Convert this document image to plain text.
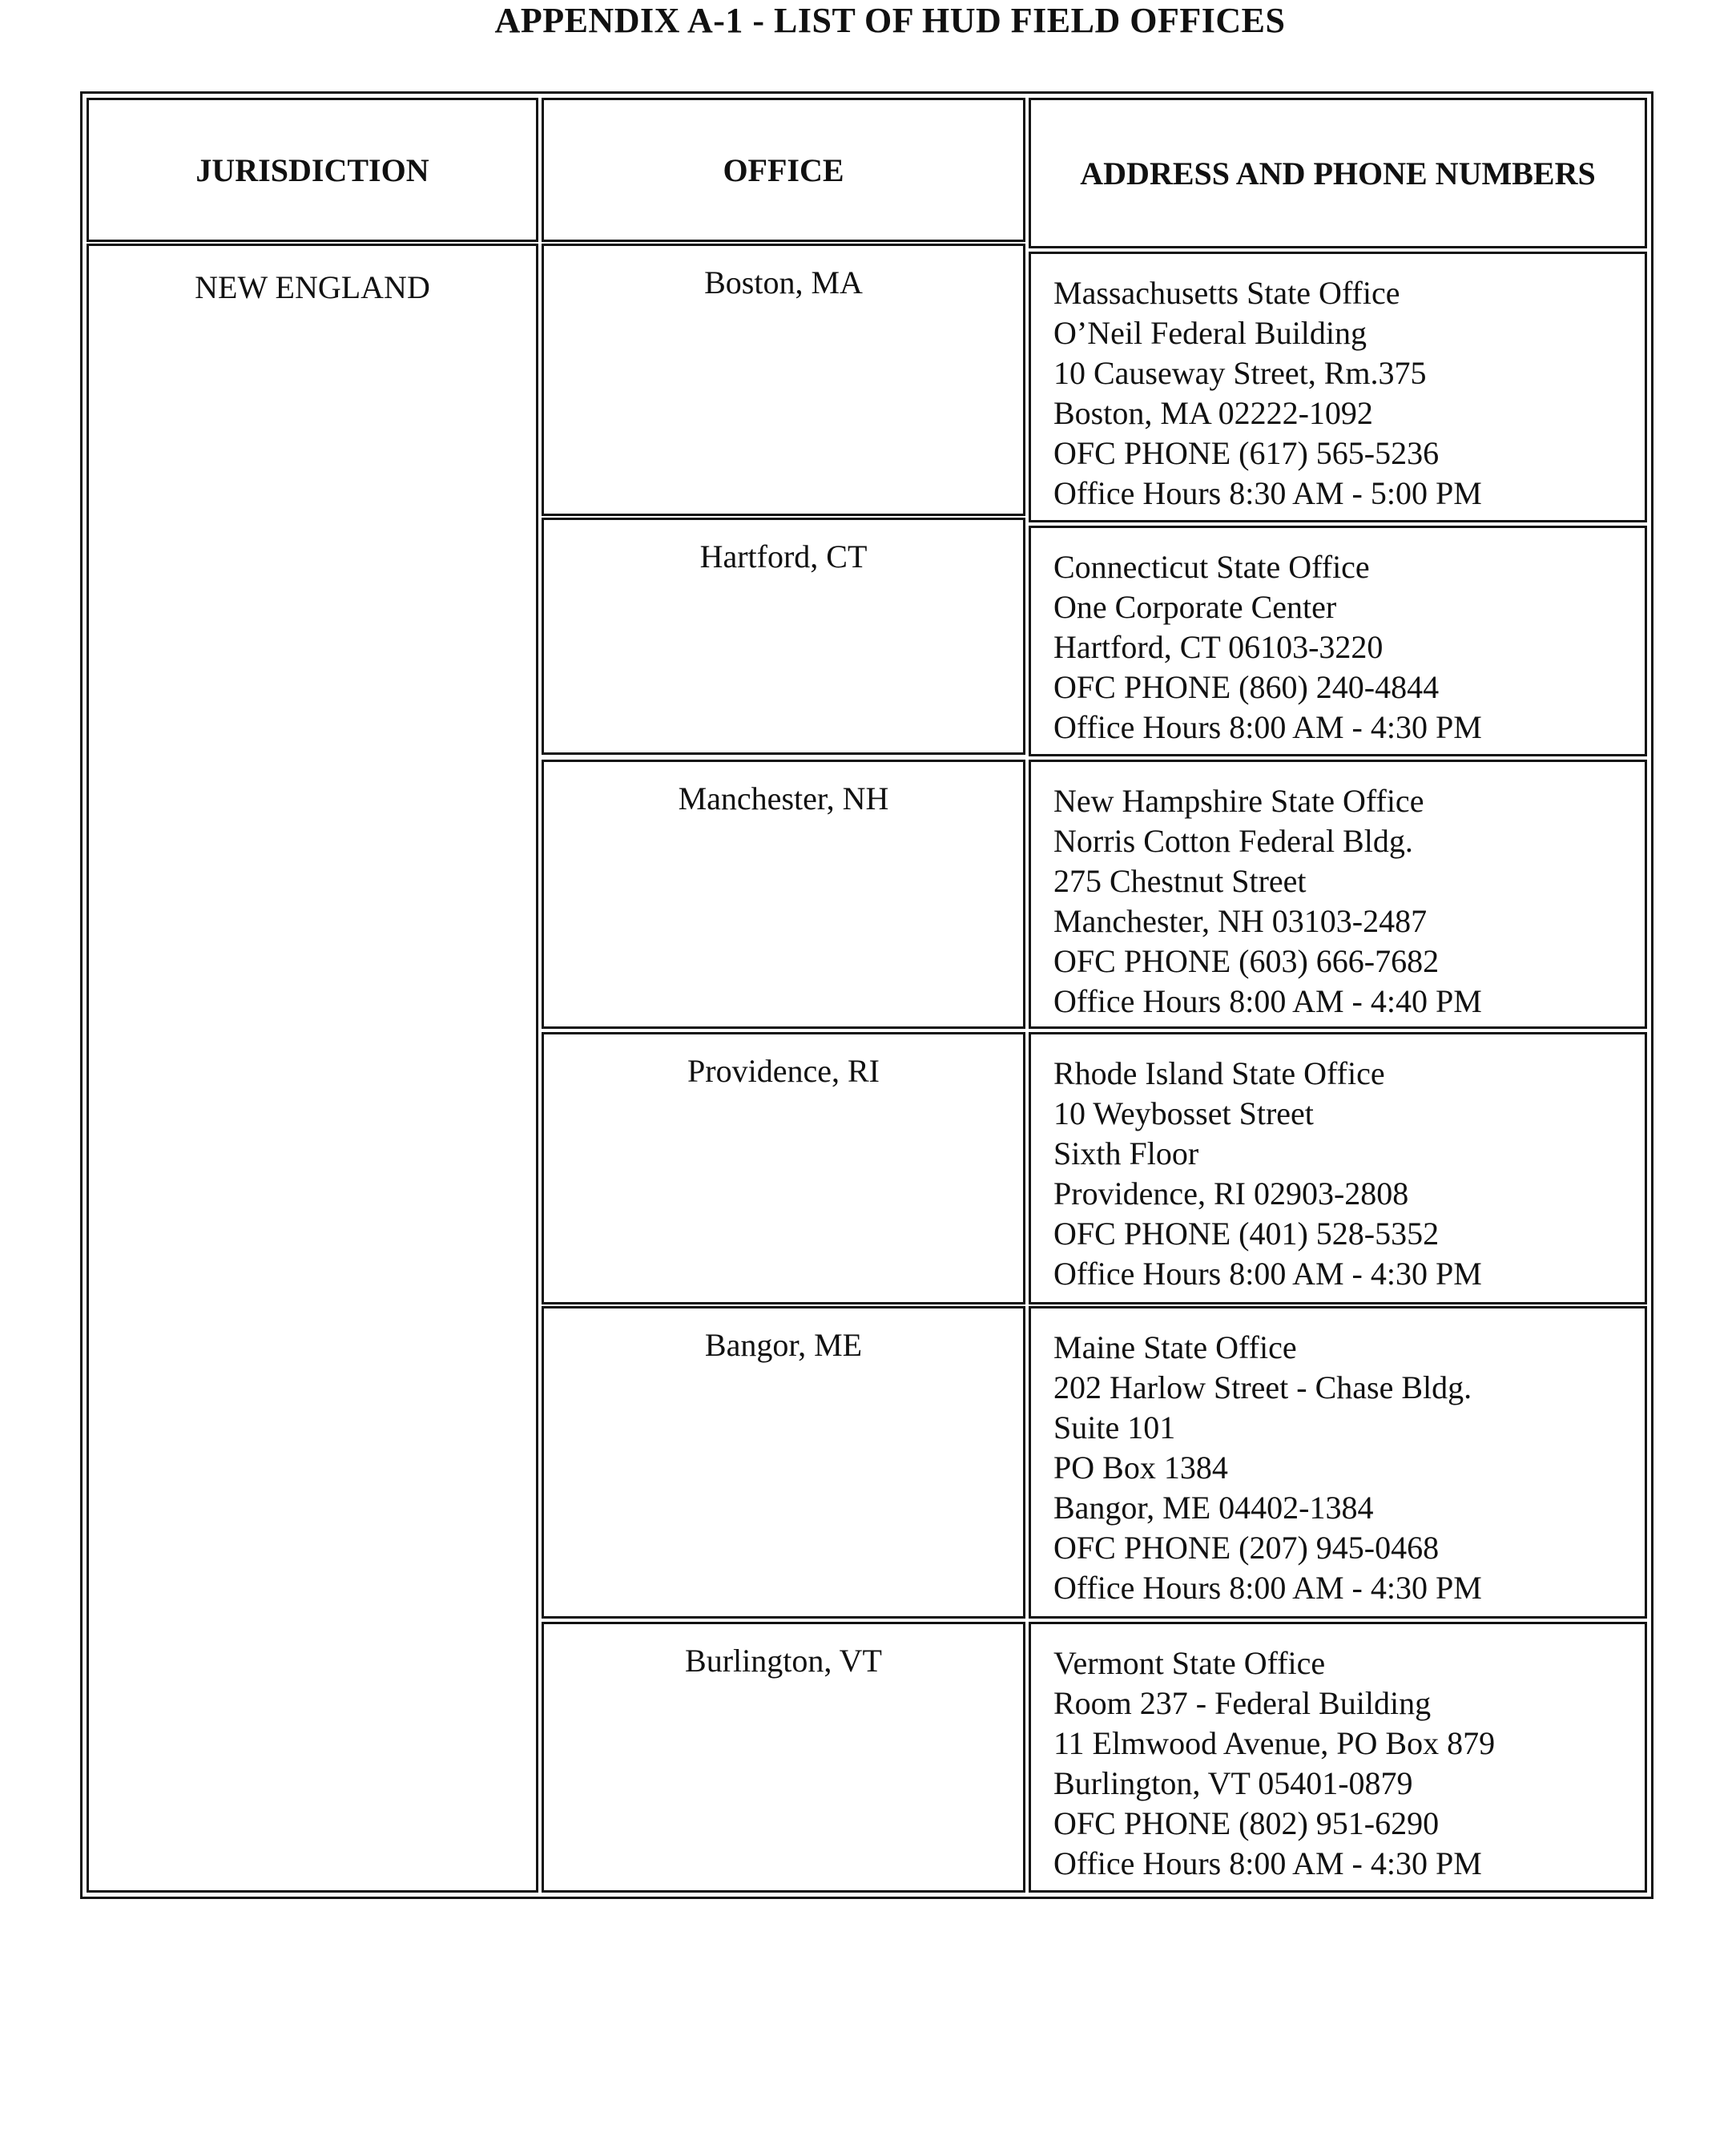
APPENDIX A-1 - LIST OF HUD FIELD OFFICES
JURISDICTION	OFFICE	ADDRESS AND PHONE NUMBERS
NEW ENGLAND	Boston, MA	Massachusetts State Office
O’Neil Federal Building
10 Causeway Street, Rm.375
Boston, MA 02222-1092
OFC PHONE (617) 565-5236
Office Hours 8:30 AM - 5:00 PM
Hartford, CT	Connecticut State Office
One Corporate Center
Hartford, CT 06103-3220
OFC PHONE (860) 240-4844
Office Hours 8:00 AM - 4:30 PM
Manchester, NH	New Hampshire State Office
Norris Cotton Federal Bldg.
275 Chestnut Street
Manchester, NH 03103-2487
OFC PHONE (603) 666-7682
Office Hours 8:00 AM - 4:40 PM
Providence, RI	Rhode Island State Office
10 Weybosset Street
Sixth Floor
Providence, RI 02903-2808
OFC PHONE (401) 528-5352
Office Hours 8:00 AM - 4:30 PM
Bangor, ME	Maine State Office
202 Harlow Street - Chase Bldg.
Suite 101
PO Box 1384
Bangor, ME 04402-1384
OFC PHONE (207) 945-0468
Office Hours 8:00 AM - 4:30 PM
Burlington, VT	Vermont State Office
Room 237 - Federal Building
11 Elmwood Avenue, PO Box 879
Burlington, VT 05401-0879
OFC PHONE (802) 951-6290
Office Hours 8:00 AM - 4:30 PM
